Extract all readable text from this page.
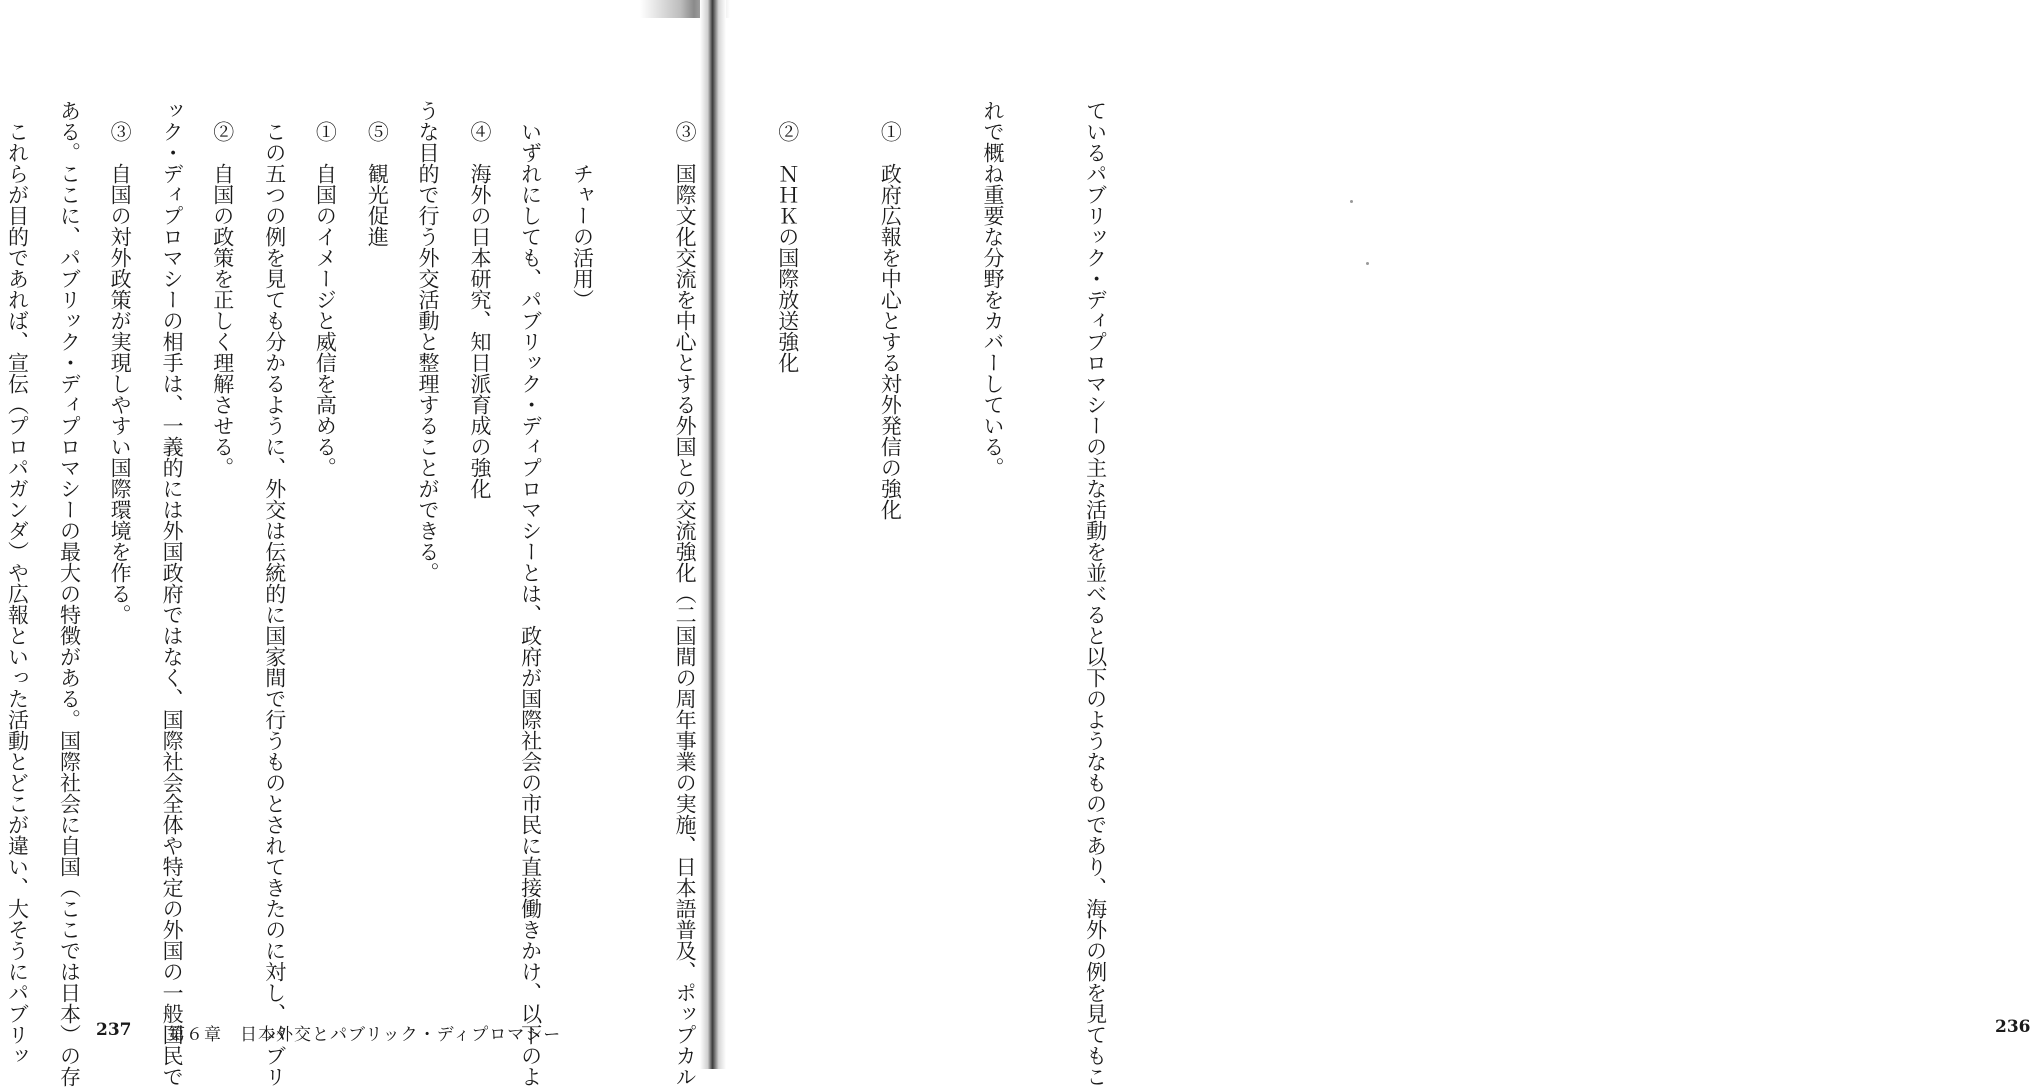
　いずれにしても、パブリック・ディプロマシーとは、政府が国際社会の市民に直接働きかけ、以下のよ

うな目的で行う外交活動と整理することができる。

　①　自国のイメージと威信を高める。

　②　自国の政策を正しく理解させる。

　③　自国の対外政策が実現しやすい国際環境を作る。

　これらが目的であれば、宣伝（プロパガンダ）や広報といった活動とどこが違い、大そうにパブリッ

	237 第６章　日本外交とパブリック・ディプロマシー

	ているパブリック・ディプロマシーの主な活動を並べると以下のようなものであり、海外の例を見てもこ

れで概ね重要な分野をカバーしている。

　①　政府広報を中心とする対外発信の強化

　②　ＮＨＫの国際放送強化

　③　国際文化交流を中心とする外国との交流強化（二国間の周年事業の実施、日本語普及、ポップカル

　　　チャーの活用）

　④　海外の日本研究、知日派育成の強化

　⑤　観光促進

　この五つの例を見ても分かるように、外交は伝統的に国家間で行うものとされてきたのに対し、パブリ

ック・ディプロマシーの相手は、一義的には外国政府ではなく、国際社会全体や特定の外国の一般国民で

ある。ここに、パブリック・ディプロマシーの最大の特徴がある。国際社会に自国（ここでは日本）の存

	236
